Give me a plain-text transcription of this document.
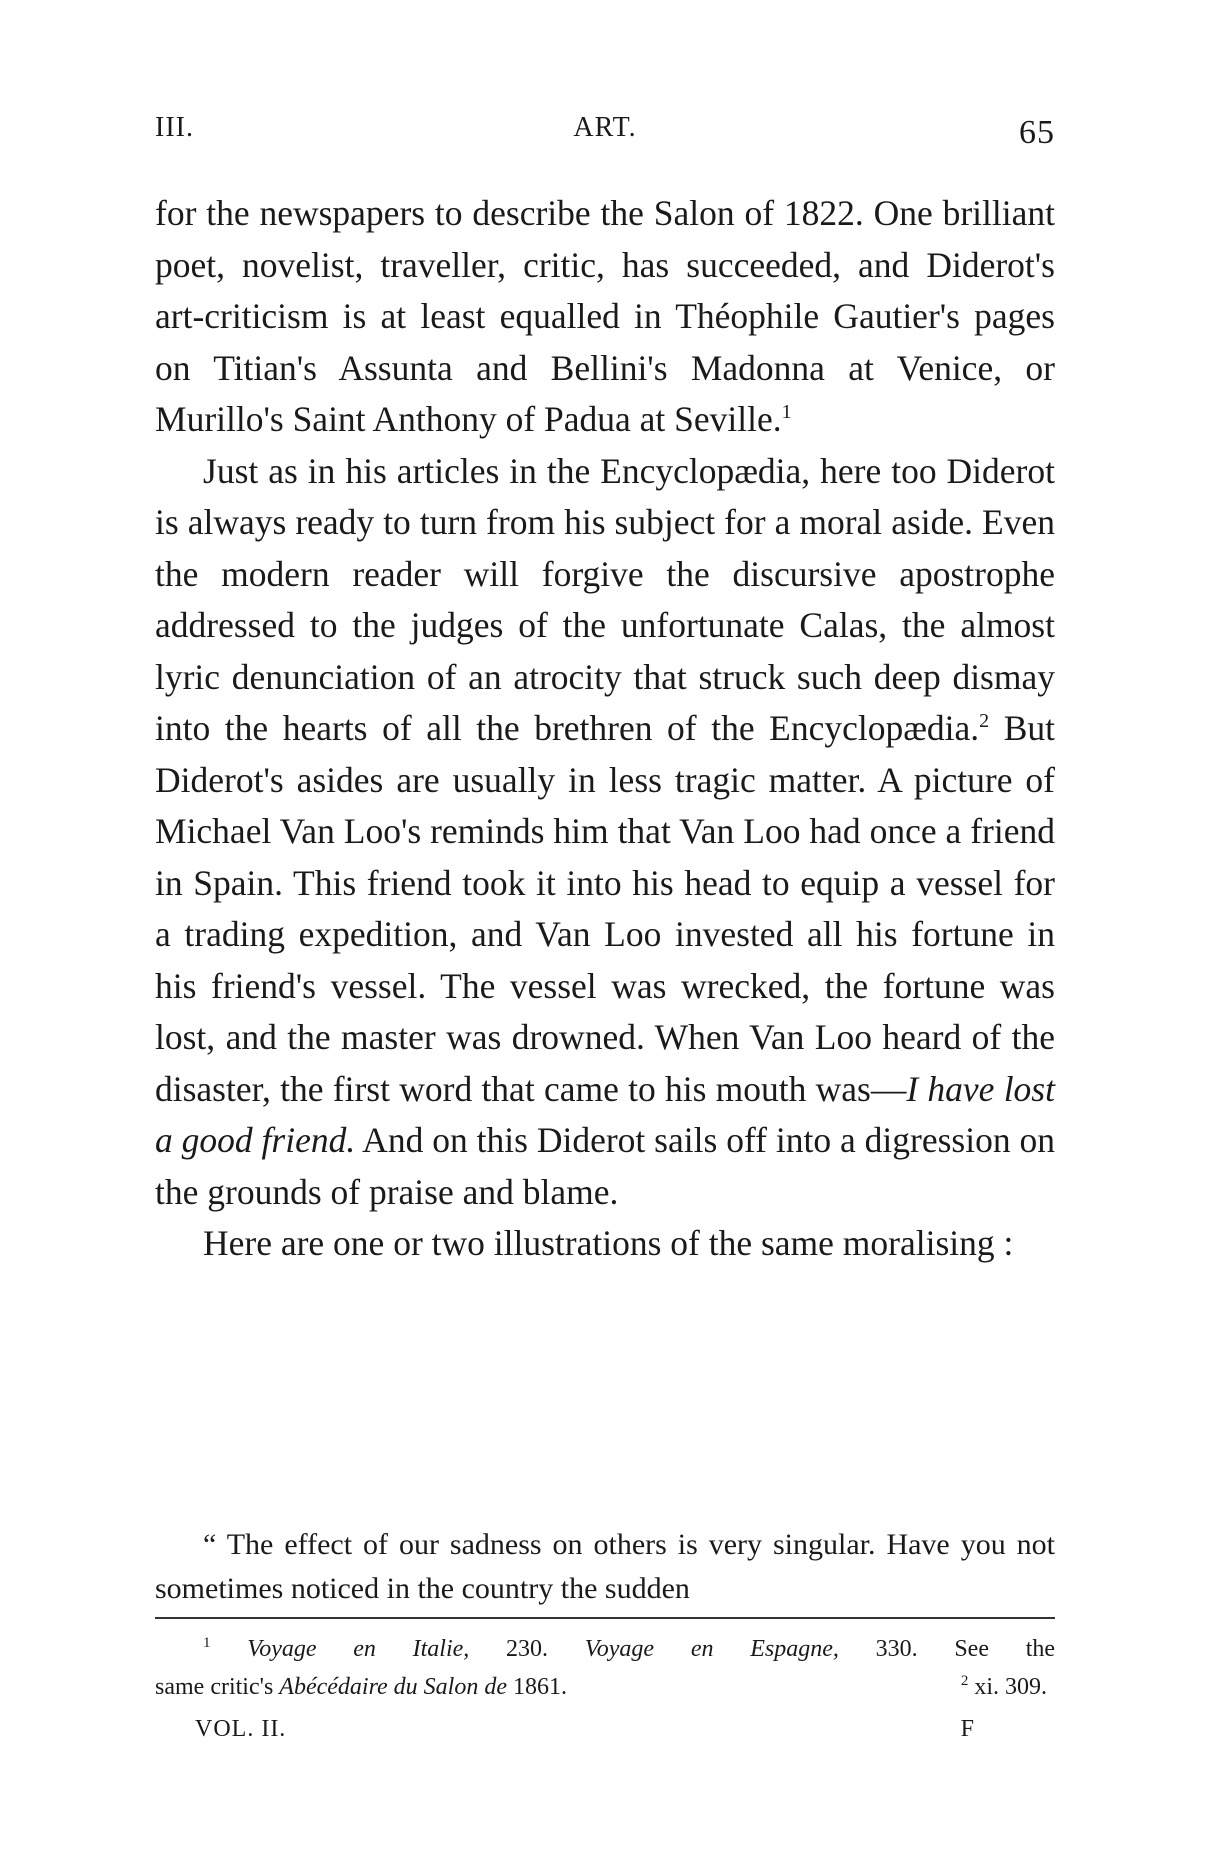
III.	ART.	65

for the newspapers to describe the Salon of 1822. One brilliant poet, novelist, traveller, critic, has succeeded, and Diderot's art-criticism is at least equalled in Théophile Gautier's pages on Titian's Assunta and Bellini's Madonna at Venice, or Murillo's Saint Anthony of Padua at Seville.$^1$

Just as in his articles in the Encyclopædia, here too Diderot is always ready to turn from his subject for a moral aside. Even the modern reader will forgive the discursive apostrophe addressed to the judges of the unfortunate Calas, the almost lyric denunciation of an atrocity that struck such deep dismay into the hearts of all the brethren of the Encyclopædia.$^2$ But Diderot's asides are usually in less tragic matter. A picture of Michael Van Loo's reminds him that Van Loo had once a friend in Spain. This friend took it into his head to equip a vessel for a trading expedition, and Van Loo invested all his fortune in his friend's vessel. The vessel was wrecked, the fortune was lost, and the master was drowned. When Van Loo heard of the disaster, the first word that came to his mouth was—I have lost a good friend. And on this Diderot sails off into a digression on the grounds of praise and blame.

Here are one or two illustrations of the same moralising :

“ The effect of our sadness on others is very singular. Have you not sometimes noticed in the country the sudden
$^1$ Voyage en Italie, 230. Voyage en Espagne, 330. See the
same critic's Abécédaire du Salon de 1861.	$^2$ xi. 309.
VOL. II.	F
